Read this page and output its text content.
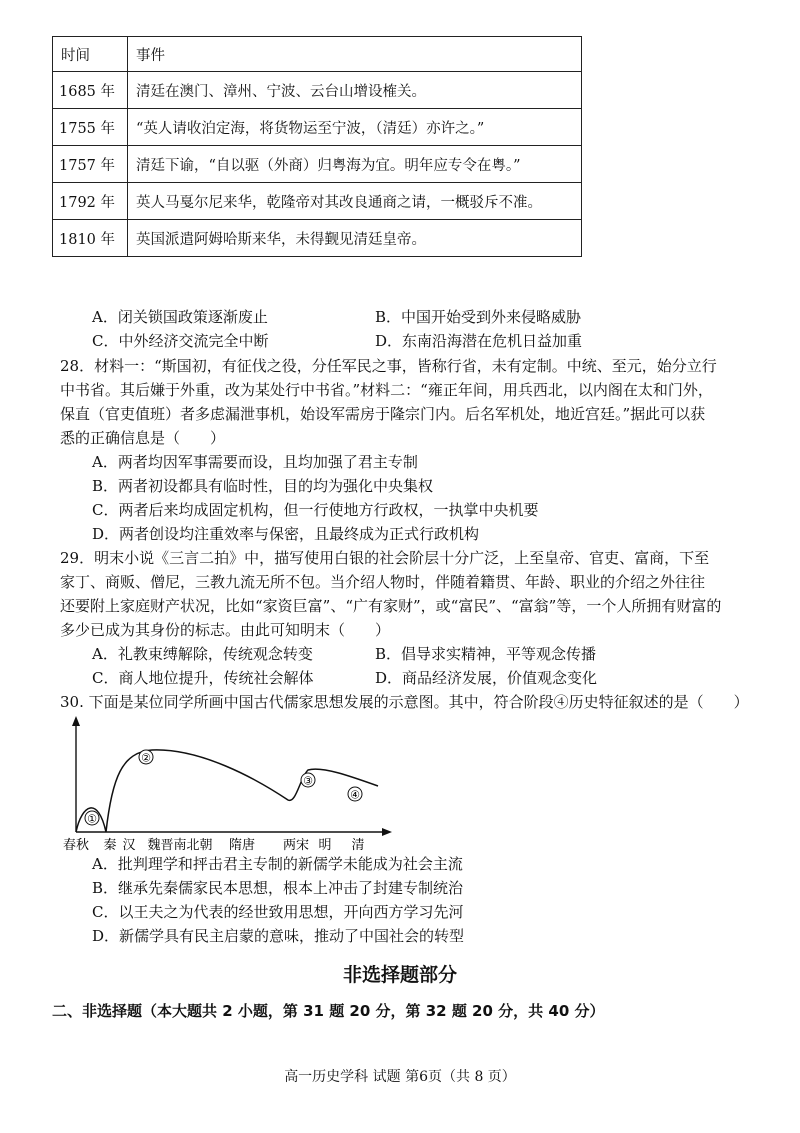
时间	事件
1685 年	清廷在澳门、漳州、宁波、云台山增设榷关。
1755 年	“英人请收泊定海，将货物运至宁波，（清廷）亦许之。”
1757 年	清廷下谕，“自以驱（外商）归粤海为宜。明年应专令在粤。”
1792 年	英人马戛尔尼来华，乾隆帝对其改良通商之请，一概驳斥不准。
1810 年	英国派遣阿姆哈斯来华，未得觐见清廷皇帝。
A．闭关锁国政策逐渐废止	B．中国开始受到外来侵略威胁
C．中外经济交流完全中断	D．东南沿海潜在危机日益加重
28．材料一：“斯国初，有征伐之役，分任军民之事，皆称行省，未有定制。中统、至元，始分立行
中书省。其后嫌于外重，改为某处行中书省。”材料二：“雍正年间，用兵西北，以内阁在太和门外，
保直（官吏值班）者多虑漏泄事机，始设军需房于隆宗门内。后名军机处，地近宫廷。”据此可以获
悉的正确信息是（　　）
A．两者均因军事需要而设，且均加强了君主专制
B．两者初设都具有临时性，目的均为强化中央集权
C．两者后来均成固定机构，但一行使地方行政权，一执掌中央机要
D．两者创设均注重效率与保密，且最终成为正式行政机构
29．明末小说《三言二拍》中，描写使用白银的社会阶层十分广泛，上至皇帝、官吏、富商，下至
家丁、商贩、僧尼，三教九流无所不包。当介绍人物时，伴随着籍贯、年龄、职业的介绍之外往往
还要附上家庭财产状况，比如“家资巨富”、“广有家财”，或“富民”、“富翁”等，一个人所拥有财富的
多少已成为其身份的标志。由此可知明末（　　）
A．礼教束缚解除，传统观念转变	B．倡导求实精神，平等观念传播
C．商人地位提升，传统社会解体	D．商品经济发展，价值观念变化
30. 下面是某位同学所画中国古代儒家思想发展的示意图。其中，符合阶段④历史特征叙述的是（　　）
①
②
③
④
春秋 秦 汉 魏晋南北朝 隋唐 两宋 明 清
A．批判理学和抨击君主专制的新儒学未能成为社会主流
B．继承先秦儒家民本思想，根本上冲击了封建专制统治
C．以王夫之为代表的经世致用思想，开向西方学习先河
D．新儒学具有民主启蒙的意味，推动了中国社会的转型
非选择题部分
二、非选择题（本大题共 2 小题，第 31 题 20 分，第 32 题 20 分，共 40 分）
高一历史学科 试题 第6页（共 8 页）
